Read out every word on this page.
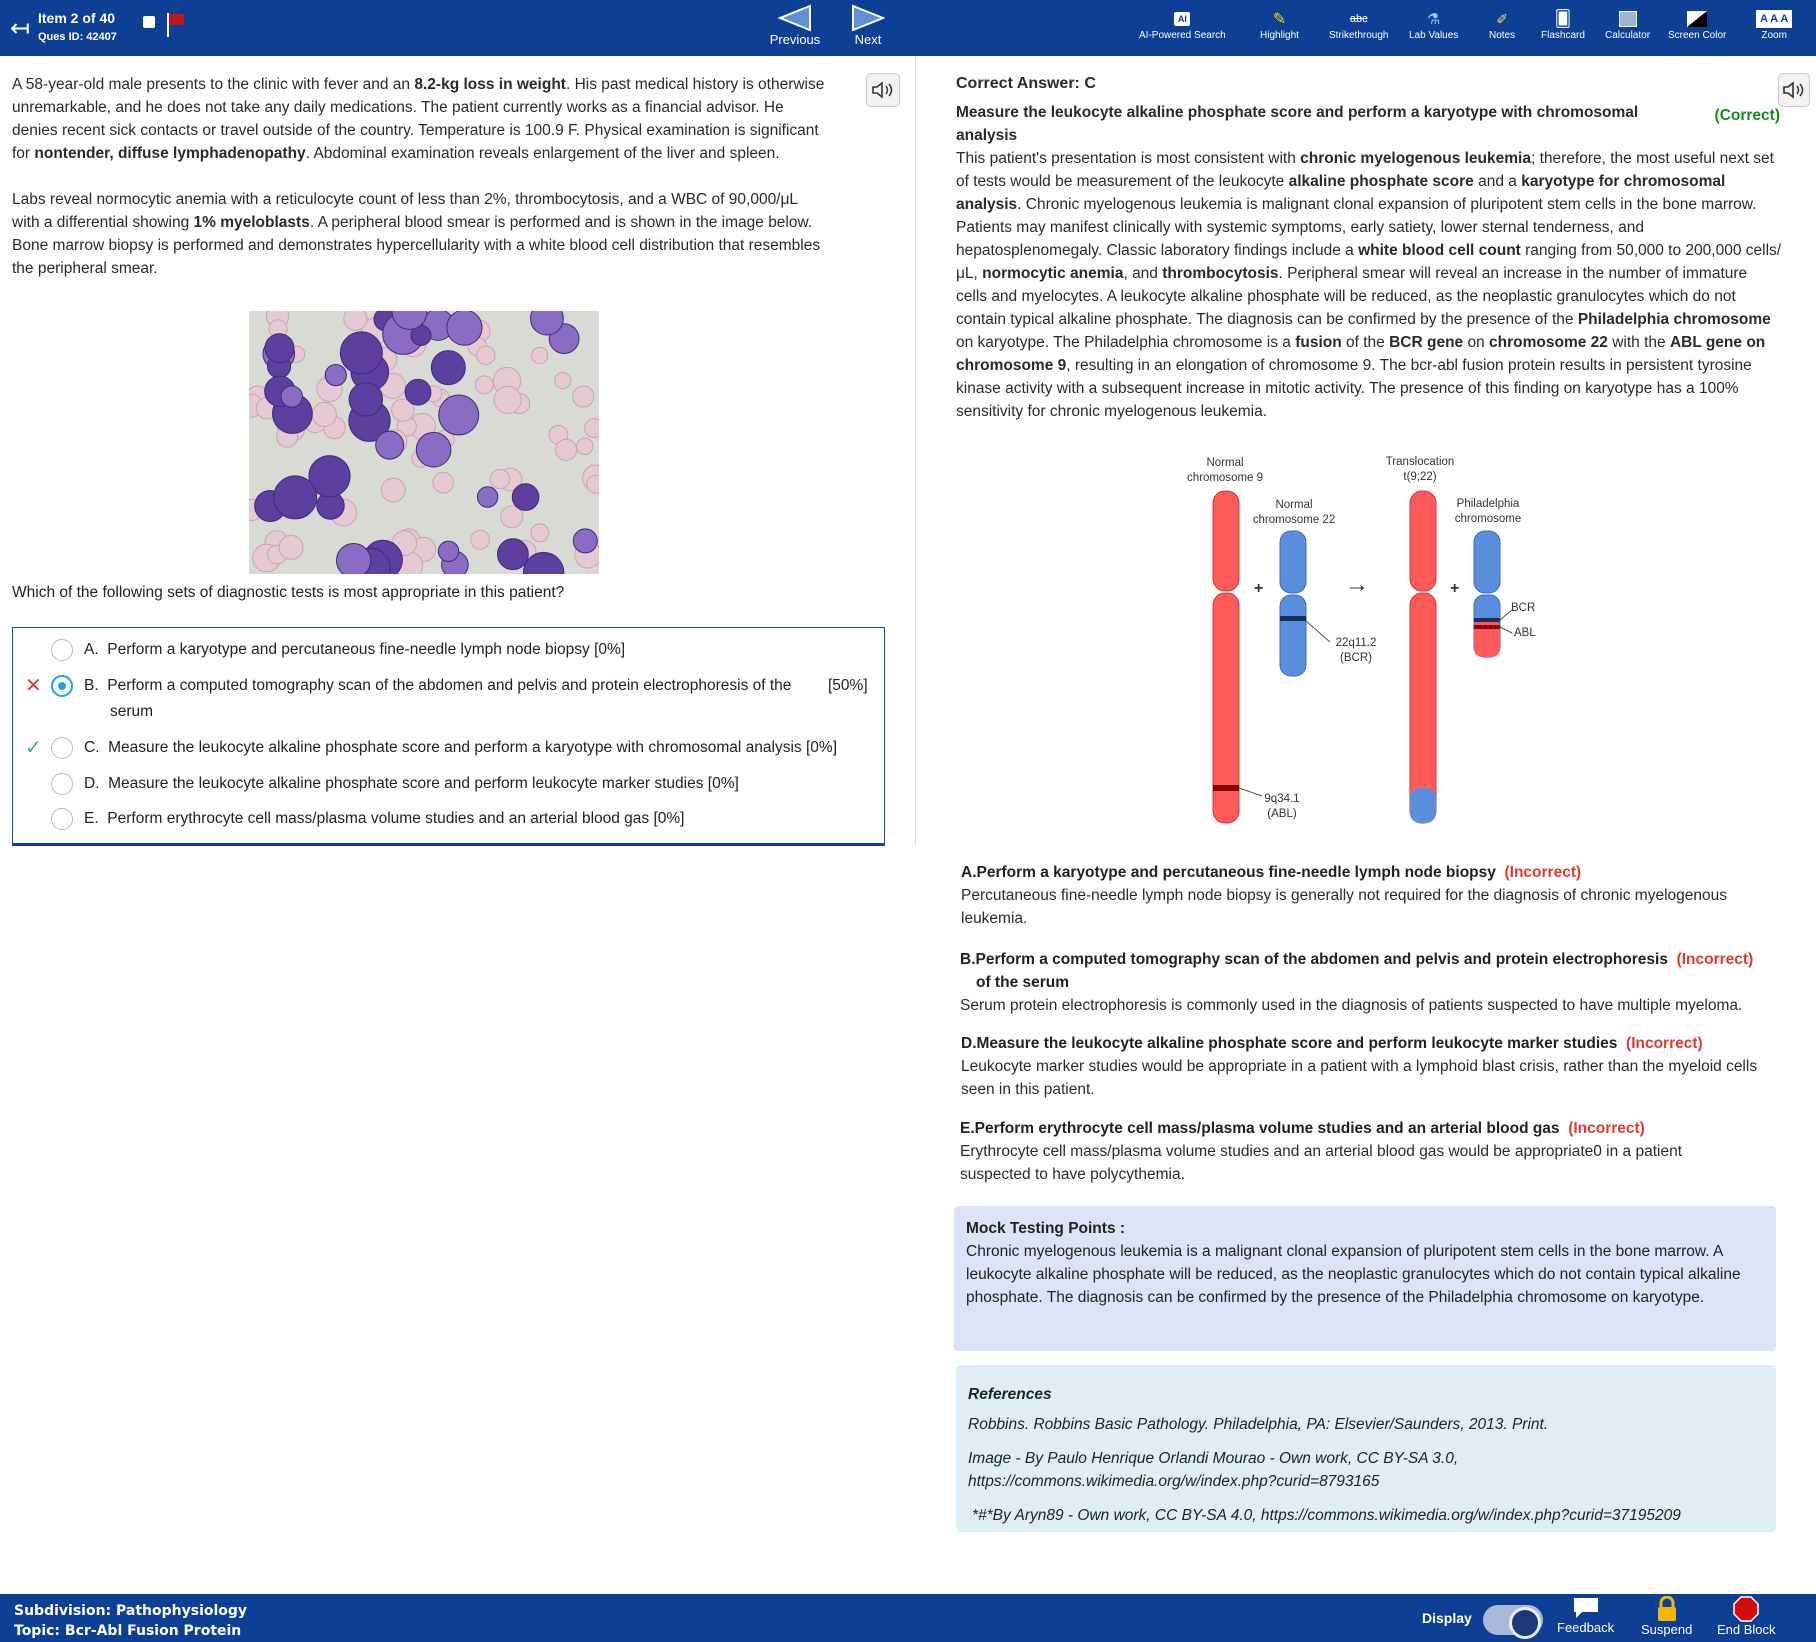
↤ Item 2 of 40
Ques ID: 42407	Previous	Next
AI
AI-Powered Search
✎
Highlight
abc
Strikethrough
⚗
Lab Values
✐
Notes
🂠
Flashcard Calculator Screen Color
A A A
Zoom

A 58-year-old male presents to the clinic with fever and an 8.2-kg loss in weight. His past medical history is otherwise unremarkable, and he does not take any daily medications. The patient currently works as a financial advisor. He denies recent sick contacts or travel outside of the country. Temperature is 100.9 F. Physical examination is significant for nontender, diffuse lymphadenopathy. Abdominal examination reveals enlargement of the liver and spleen.

Labs reveal normocytic anemia with a reticulocyte count of less than 2%, thrombocytosis, and a WBC of 90,000/μL with a differential showing 1% myeloblasts. A peripheral blood smear is performed and is shown in the image below. Bone marrow biopsy is performed and demonstrates hypercellularity with a white blood cell distribution that resembles the peripheral smear.

Which of the following sets of diagnostic tests is most appropriate in this patient?
A. Perform a karyotype and percutaneous fine-needle lymph node biopsy [0%]
✕	B. Perform a computed tomography scan of the abdomen and pelvis and protein electrophoresis of the	[50%]
serum
✓	C. Measure the leukocyte alkaline phosphate score and perform a karyotype with chromosomal analysis [0%]
D. Measure the leukocyte alkaline phosphate score and perform leukocyte marker studies [0%]
E. Perform erythrocyte cell mass/plasma volume studies and an arterial blood gas [0%]
Correct Answer: C
Measure the leukocyte alkaline phosphate score and perform a karyotype with chromosomal analysis
(Correct)
This patient's presentation is most consistent with chronic myelogenous leukemia; therefore, the most useful next set of tests would be measurement of the leukocyte alkaline phosphate score and a karyotype for chromosomal analysis. Chronic myelogenous leukemia is malignant clonal expansion of pluripotent stem cells in the bone marrow. Patients may manifest clinically with systemic symptoms, early satiety, lower sternal tenderness, and hepatosplenomegaly. Classic laboratory findings include a white blood cell count ranging from 50,000 to 200,000 cells/μL, normocytic anemia, and thrombocytosis. Peripheral smear will reveal an increase in the number of immature cells and myelocytes. A leukocyte alkaline phosphate will be reduced, as the neoplastic granulocytes which do not contain typical alkaline phosphate. The diagnosis can be confirmed by the presence of the Philadelphia chromosome on karyotype. The Philadelphia chromosome is a fusion of the BCR gene on chromosome 22 with the ABL gene on chromosome 9, resulting in an elongation of chromosome 9. The bcr-abl fusion protein results in persistent tyrosine kinase activity with a subsequent increase in mitotic activity. The presence of this finding on karyotype has a 100% sensitivity for chronic myelogenous leukemia.
Normal
chromosome 9
Normal
chromosome 22
Translocation
t(9;22)
Philadelphia
chromosome
BCR
ABL
22q11.2
(BCR)
9q34.1
(ABL)
+	+
→
A.Perform a karyotype and percutaneous fine-needle lymph node biopsy (Incorrect)
Percutaneous fine-needle lymph node biopsy is generally not required for the diagnosis of chronic myelogenous leukemia.
B.Perform a computed tomography scan of the abdomen and pelvis and protein electrophoresis (Incorrect)
of the serum
Serum protein electrophoresis is commonly used in the diagnosis of patients suspected to have multiple myeloma.
D.Measure the leukocyte alkaline phosphate score and perform leukocyte marker studies (Incorrect)
Leukocyte marker studies would be appropriate in a patient with a lymphoid blast crisis, rather than the myeloid cells seen in this patient.
E.Perform erythrocyte cell mass/plasma volume studies and an arterial blood gas (Incorrect)
Erythrocyte cell mass/plasma volume studies and an arterial blood gas would be appropriate0 in a patient suspected to have polycythemia.
Mock Testing Points :
Chronic myelogenous leukemia is a malignant clonal expansion of pluripotent stem cells in the bone marrow. A leukocyte alkaline phosphate will be reduced, as the neoplastic granulocytes which do not contain typical alkaline phosphate. The diagnosis can be confirmed by the presence of the Philadelphia chromosome on karyotype.

References

Robbins. Robbins Basic Pathology. Philadelphia, PA: Elsevier/Saunders, 2013. Print.

Image - By Paulo Henrique Orlandi Mourao - Own work, CC BY-SA 3.0, https://commons.wikimedia.org/w/index.php?curid=8793165

*#*By Aryn89 - Own work, CC BY-SA 4.0, https://commons.wikimedia.org/w/index.php?curid=37195209

Subdivision: Pathophysiology
Topic: Bcr-Abl Fusion Protein
Display
Feedback Suspend End Block
